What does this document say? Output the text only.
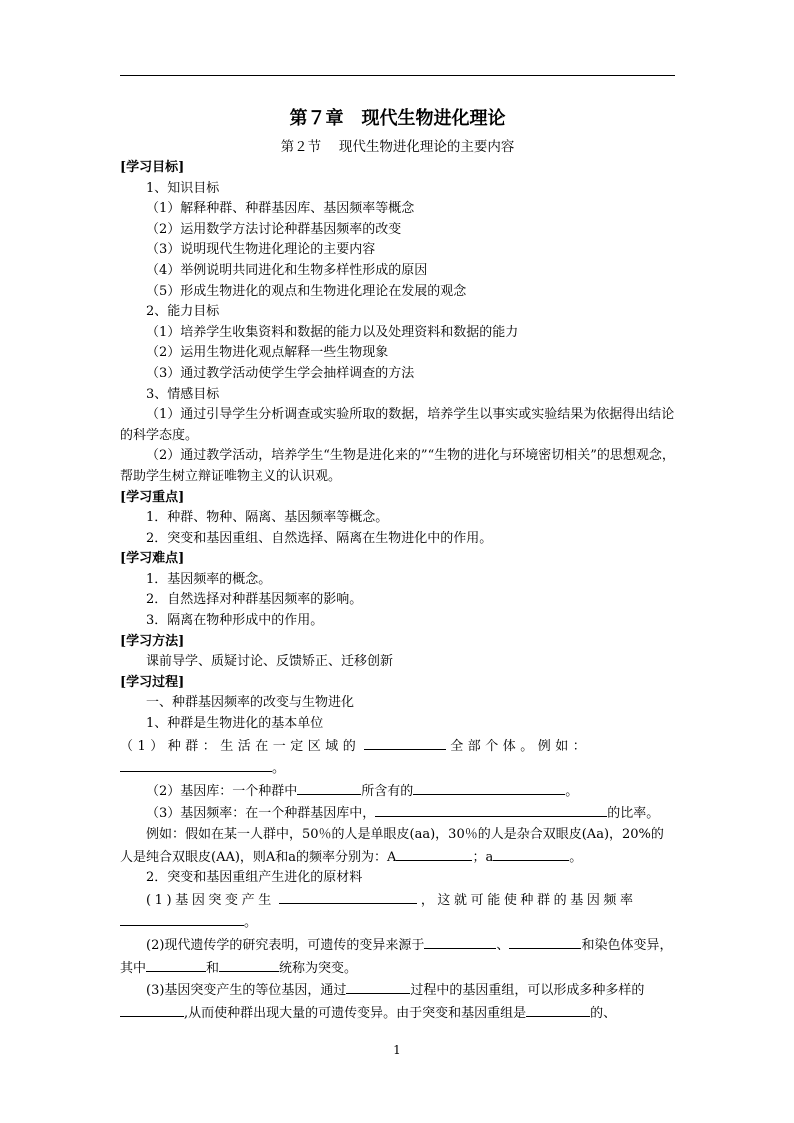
第７章　现代生物进化理论
第２节　 现代生物进化理论的主要内容

[学习目标]

1、知识目标

（1）解释种群、种群基因库、基因频率等概念

（2）运用数学方法讨论种群基因频率的改变

（3）说明现代生物进化理论的主要内容

（4）举例说明共同进化和生物多样性形成的原因

（5）形成生物进化的观点和生物进化理论在发展的观念

2、能力目标

（1）培养学生收集资料和数据的能力以及处理资料和数据的能力

（2）运用生物进化观点解释一些生物现象

（3）通过教学活动使学生学会抽样调查的方法

3、情感目标

（1）通过引导学生分析调查或实验所取的数据，培养学生以事实或实验结果为依据得出结论的科学态度。

（2）通过教学活动，培养学生“生物是进化来的”“生物的进化与环境密切相关”的思想观念，帮助学生树立辩证唯物主义的认识观。

[学习重点]

1．种群、物种、隔离、基因频率等概念。

2．突变和基因重组、自然选择、隔离在生物进化中的作用。

[学习难点]

1．基因频率的概念。

2．自然选择对种群基因频率的影响。

3．隔离在物种形成中的作用。

[学习方法]

课前导学、质疑讨论、反馈矫正、迁移创新

[学习过程]

一、种群基因频率的改变与生物进化

1、种群是生物进化的基本单位

（1）种群：生活在一定区域的	全部个体。例如：

。

（2）基因库：一个种群中	所含有的	。

（3）基因频率：在一个种群基因库中，	的比率。

例如：假如在某一人群中，50％的人是单眼皮(aa)，30％的人是杂合双眼皮(Aa)，20%的人是纯合双眼皮(AA)，则A和a的频率分别为：A	；a	。

2．突变和基因重组产生进化的原材料

(1)基因突变产生	，这就可能使种群的基因频率

。

(2)现代遗传学的研究表明，可遗传的变异来源于	、	和染色体变异，其中	和	统称为突变。

(3)基因突变产生的等位基因，通过	过程中的基因重组，可以形成多种多样的,从而使种群出现大量的可遗传变异。由于突变和基因重组是	的、

1
